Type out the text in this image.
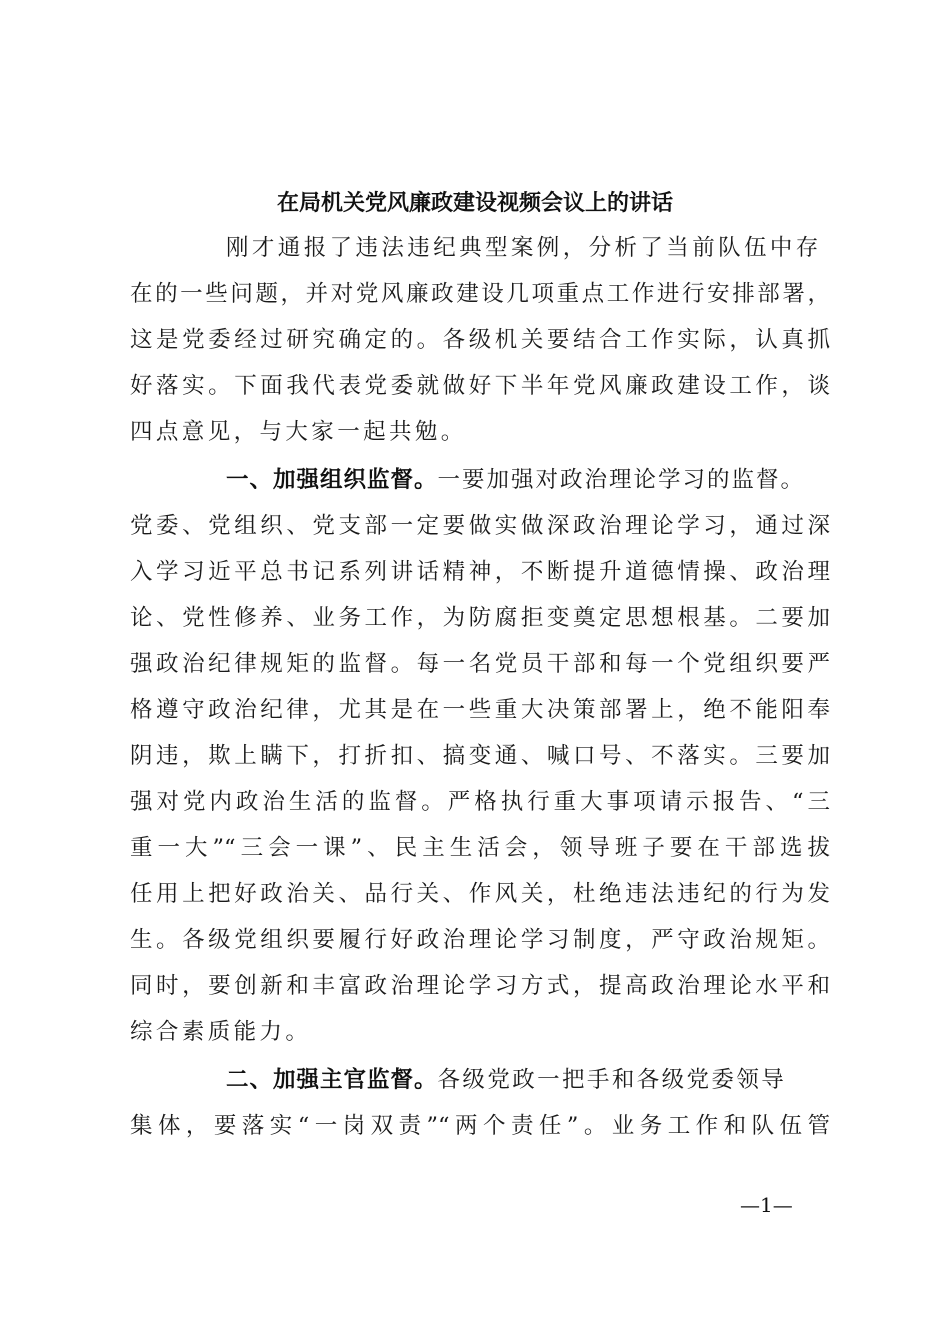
在局机关党风廉政建设视频会议上的讲话
刚才通报了违法违纪典型案例，分析了当前队伍中存
在的一些问题，并对党风廉政建设几项重点工作进行安排部署，
这是党委经过研究确定的。各级机关要结合工作实际，认真抓
好落实。下面我代表党委就做好下半年党风廉政建设工作，谈
四点意见，与大家一起共勉。
一、加强组织监督。一要加强对政治理论学习的监督。
党委、党组织、党支部一定要做实做深政治理论学习，通过深
入学习近平总书记系列讲话精神，不断提升道德情操、政治理
论、党性修养、业务工作，为防腐拒变奠定思想根基。二要加
强政治纪律规矩的监督。每一名党员干部和每一个党组织要严
格遵守政治纪律，尤其是在一些重大决策部署上，绝不能阳奉
阴违，欺上瞒下，打折扣、搞变通、喊口号、不落实。三要加
强对党内政治生活的监督。严格执行重大事项请示报告、“三
重一大”“三会一课”、民主生活会，领导班子要在干部选拔
任用上把好政治关、品行关、作风关，杜绝违法违纪的行为发
生。各级党组织要履行好政治理论学习制度，严守政治规矩。
同时，要创新和丰富政治理论学习方式，提高政治理论水平和
综合素质能力。
二、加强主官监督。各级党政一把手和各级党委领导
集体，要落实“一岗双责”“两个责任”。业务工作和队伍管
—1—
